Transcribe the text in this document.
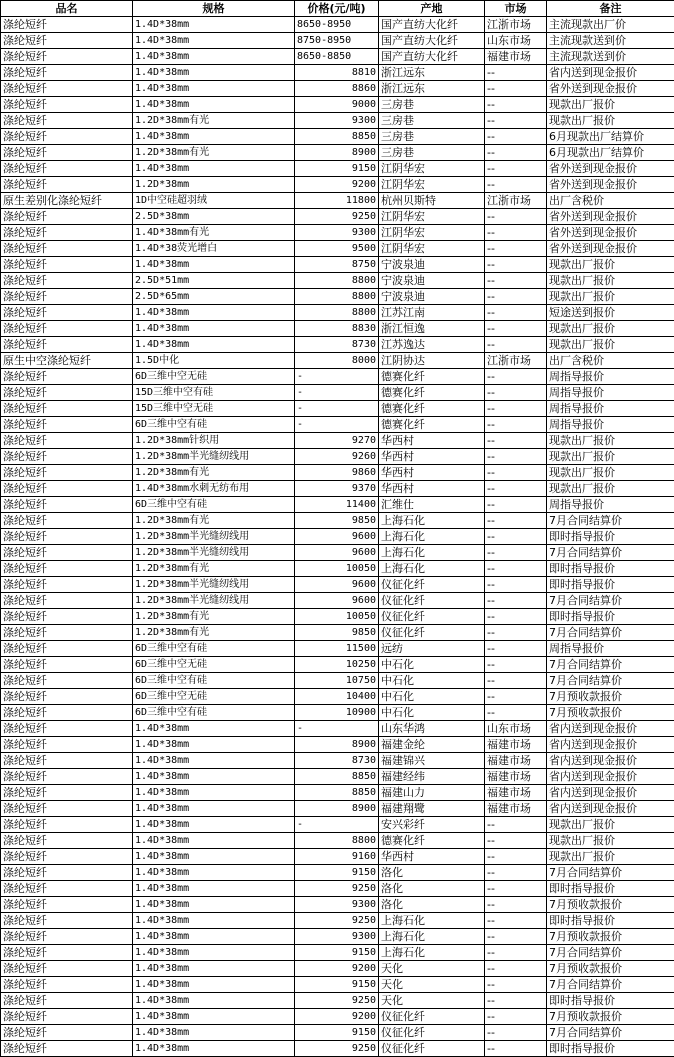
品名	规格	价格(元/吨)	产地	市场	备注
涤纶短纤	1.4D*38mm	8650-8950	国产直纺大化纤	江浙市场	主流现款出厂价
涤纶短纤	1.4D*38mm	8750-8950	国产直纺大化纤	山东市场	主流现款送到价
涤纶短纤	1.4D*38mm	8650-8850	国产直纺大化纤	福建市场	主流现款送到价
涤纶短纤	1.4D*38mm	8810	浙江远东	--	省内送到现金报价
涤纶短纤	1.4D*38mm	8860	浙江远东	--	省外送到现金报价
涤纶短纤	1.4D*38mm	9000	三房巷	--	现款出厂报价
涤纶短纤	1.2D*38mm有光	9300	三房巷	--	现款出厂报价
涤纶短纤	1.4D*38mm	8850	三房巷	--	6月现款出厂结算价
涤纶短纤	1.2D*38mm有光	8900	三房巷	--	6月现款出厂结算价
涤纶短纤	1.4D*38mm	9150	江阴华宏	--	省外送到现金报价
涤纶短纤	1.2D*38mm	9200	江阴华宏	--	省外送到现金报价
原生差别化涤纶短纤	1D中空硅超羽绒	11800	杭州贝斯特	江浙市场	出厂含税价
涤纶短纤	2.5D*38mm	9250	江阴华宏	--	省外送到现金报价
涤纶短纤	1.4D*38mm有光	9300	江阴华宏	--	省外送到现金报价
涤纶短纤	1.4D*38荧光增白	9500	江阴华宏	--	省外送到现金报价
涤纶短纤	1.4D*38mm	8750	宁波泉迪	--	现款出厂报价
涤纶短纤	2.5D*51mm	8800	宁波泉迪	--	现款出厂报价
涤纶短纤	2.5D*65mm	8800	宁波泉迪	--	现款出厂报价
涤纶短纤	1.4D*38mm	8800	江苏江南	--	短途送到报价
涤纶短纤	1.4D*38mm	8830	浙江恒逸	--	现款出厂报价
涤纶短纤	1.4D*38mm	8730	江苏逸达	--	现款出厂报价
原生中空涤纶短纤	1.5D中化	8000	江阴协达	江浙市场	出厂含税价
涤纶短纤	6D三维中空无硅	-	德赛化纤	--	周指导报价
涤纶短纤	15D三维中空有硅	-	德赛化纤	--	周指导报价
涤纶短纤	15D三维中空无硅	-	德赛化纤	--	周指导报价
涤纶短纤	6D三维中空有硅	-	德赛化纤	--	周指导报价
涤纶短纤	1.2D*38mm针织用	9270	华西村	--	现款出厂报价
涤纶短纤	1.2D*38mm半光缝纫线用	9260	华西村	--	现款出厂报价
涤纶短纤	1.2D*38mm有光	9860	华西村	--	现款出厂报价
涤纶短纤	1.4D*38mm水刺无纺布用	9370	华西村	--	现款出厂报价
涤纶短纤	6D三维中空有硅	11400	汇维仕	--	周指导报价
涤纶短纤	1.2D*38mm有光	9850	上海石化	--	7月合同结算价
涤纶短纤	1.2D*38mm半光缝纫线用	9600	上海石化	--	即时指导报价
涤纶短纤	1.2D*38mm半光缝纫线用	9600	上海石化	--	7月合同结算价
涤纶短纤	1.2D*38mm有光	10050	上海石化	--	即时指导报价
涤纶短纤	1.2D*38mm半光缝纫线用	9600	仪征化纤	--	即时指导报价
涤纶短纤	1.2D*38mm半光缝纫线用	9600	仪征化纤	--	7月合同结算价
涤纶短纤	1.2D*38mm有光	10050	仪征化纤	--	即时指导报价
涤纶短纤	1.2D*38mm有光	9850	仪征化纤	--	7月合同结算价
涤纶短纤	6D三维中空有硅	11500	远纺	--	周指导报价
涤纶短纤	6D三维中空无硅	10250	中石化	--	7月合同结算价
涤纶短纤	6D三维中空有硅	10750	中石化	--	7月合同结算价
涤纶短纤	6D三维中空无硅	10400	中石化	--	7月预收款报价
涤纶短纤	6D三维中空有硅	10900	中石化	--	7月预收款报价
涤纶短纤	1.4D*38mm	-	山东华鸿	山东市场	省内送到现金报价
涤纶短纤	1.4D*38mm	8900	福建金纶	福建市场	省内送到现金报价
涤纶短纤	1.4D*38mm	8730	福建锦兴	福建市场	省内送到现金报价
涤纶短纤	1.4D*38mm	8850	福建经纬	福建市场	省内送到现金报价
涤纶短纤	1.4D*38mm	8850	福建山力	福建市场	省内送到现金报价
涤纶短纤	1.4D*38mm	8900	福建翔鹭	福建市场	省内送到现金报价
涤纶短纤	1.4D*38mm	-	安兴彩纤	--	现款出厂报价
涤纶短纤	1.4D*38mm	8800	德赛化纤	--	现款出厂报价
涤纶短纤	1.4D*38mm	9160	华西村	--	现款出厂报价
涤纶短纤	1.4D*38mm	9150	洛化	--	7月合同结算价
涤纶短纤	1.4D*38mm	9250	洛化	--	即时指导报价
涤纶短纤	1.4D*38mm	9300	洛化	--	7月预收款报价
涤纶短纤	1.4D*38mm	9250	上海石化	--	即时指导报价
涤纶短纤	1.4D*38mm	9300	上海石化	--	7月预收款报价
涤纶短纤	1.4D*38mm	9150	上海石化	--	7月合同结算价
涤纶短纤	1.4D*38mm	9200	天化	--	7月预收款报价
涤纶短纤	1.4D*38mm	9150	天化	--	7月合同结算价
涤纶短纤	1.4D*38mm	9250	天化	--	即时指导报价
涤纶短纤	1.4D*38mm	9200	仪征化纤	--	7月预收款报价
涤纶短纤	1.4D*38mm	9150	仪征化纤	--	7月合同结算价
涤纶短纤	1.4D*38mm	9250	仪征化纤	--	即时指导报价
